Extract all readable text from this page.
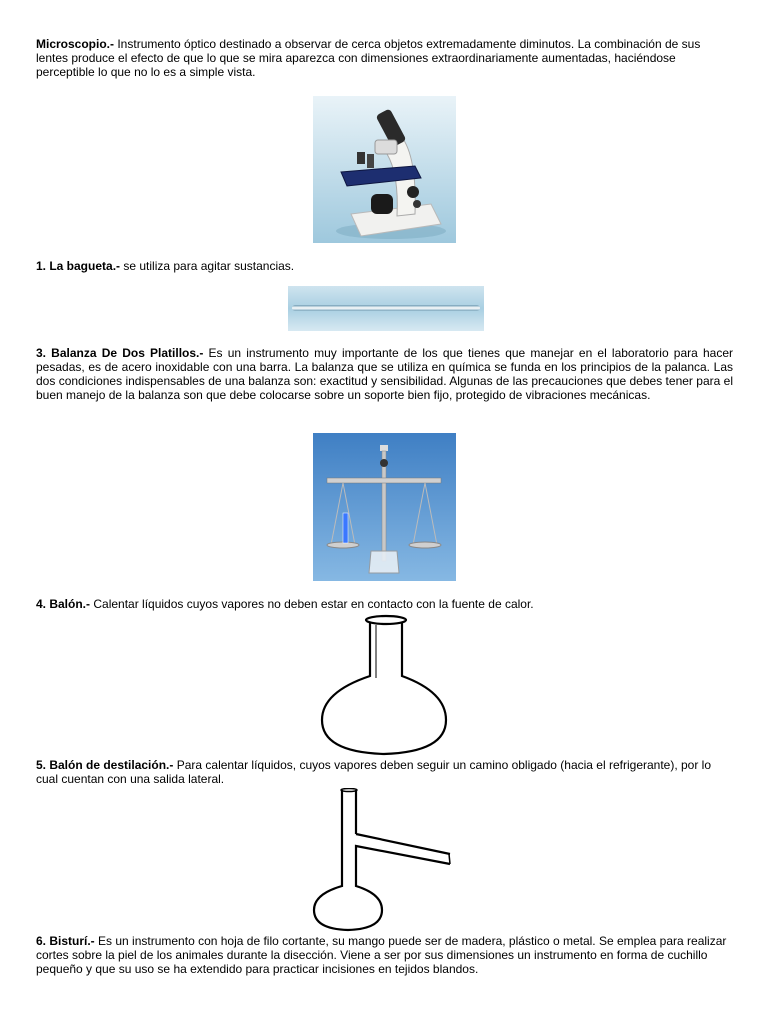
Microscopio.- Instrumento óptico destinado a observar de cerca objetos extremadamente diminutos. La combinación de sus lentes produce el efecto de que lo que se mira aparezca con dimensiones extraordinariamente aumentadas, haciéndose perceptible lo que no lo es a simple vista.

1. La bagueta.- se utiliza para agitar sustancias.

3. Balanza De Dos Platillos.- Es un instrumento muy importante de los que tienes que manejar en el laboratorio para hacer pesadas, es de acero inoxidable con una barra. La balanza que se utiliza en química se funda en los principios de la palanca. Las dos condiciones indispensables de una balanza son: exactitud y sensibilidad. Algunas de las precauciones que debes tener para el buen manejo de la balanza son que debe colocarse sobre un soporte bien fijo, protegido de vibraciones mecánicas.

4. Balón.- Calentar líquidos cuyos vapores no deben estar en contacto con la fuente de calor.

5. Balón de destilación.- Para calentar líquidos, cuyos vapores deben seguir un camino obligado (hacia el refrigerante), por lo cual cuentan con una salida lateral.

6. Bisturí.- Es un instrumento con hoja de filo cortante, su mango puede ser de madera, plástico o metal. Se emplea para realizar cortes sobre la piel de los animales durante la disección. Viene a ser por sus dimensiones un instrumento en forma de cuchillo pequeño y que su uso se ha extendido para practicar incisiones en tejidos blandos.
